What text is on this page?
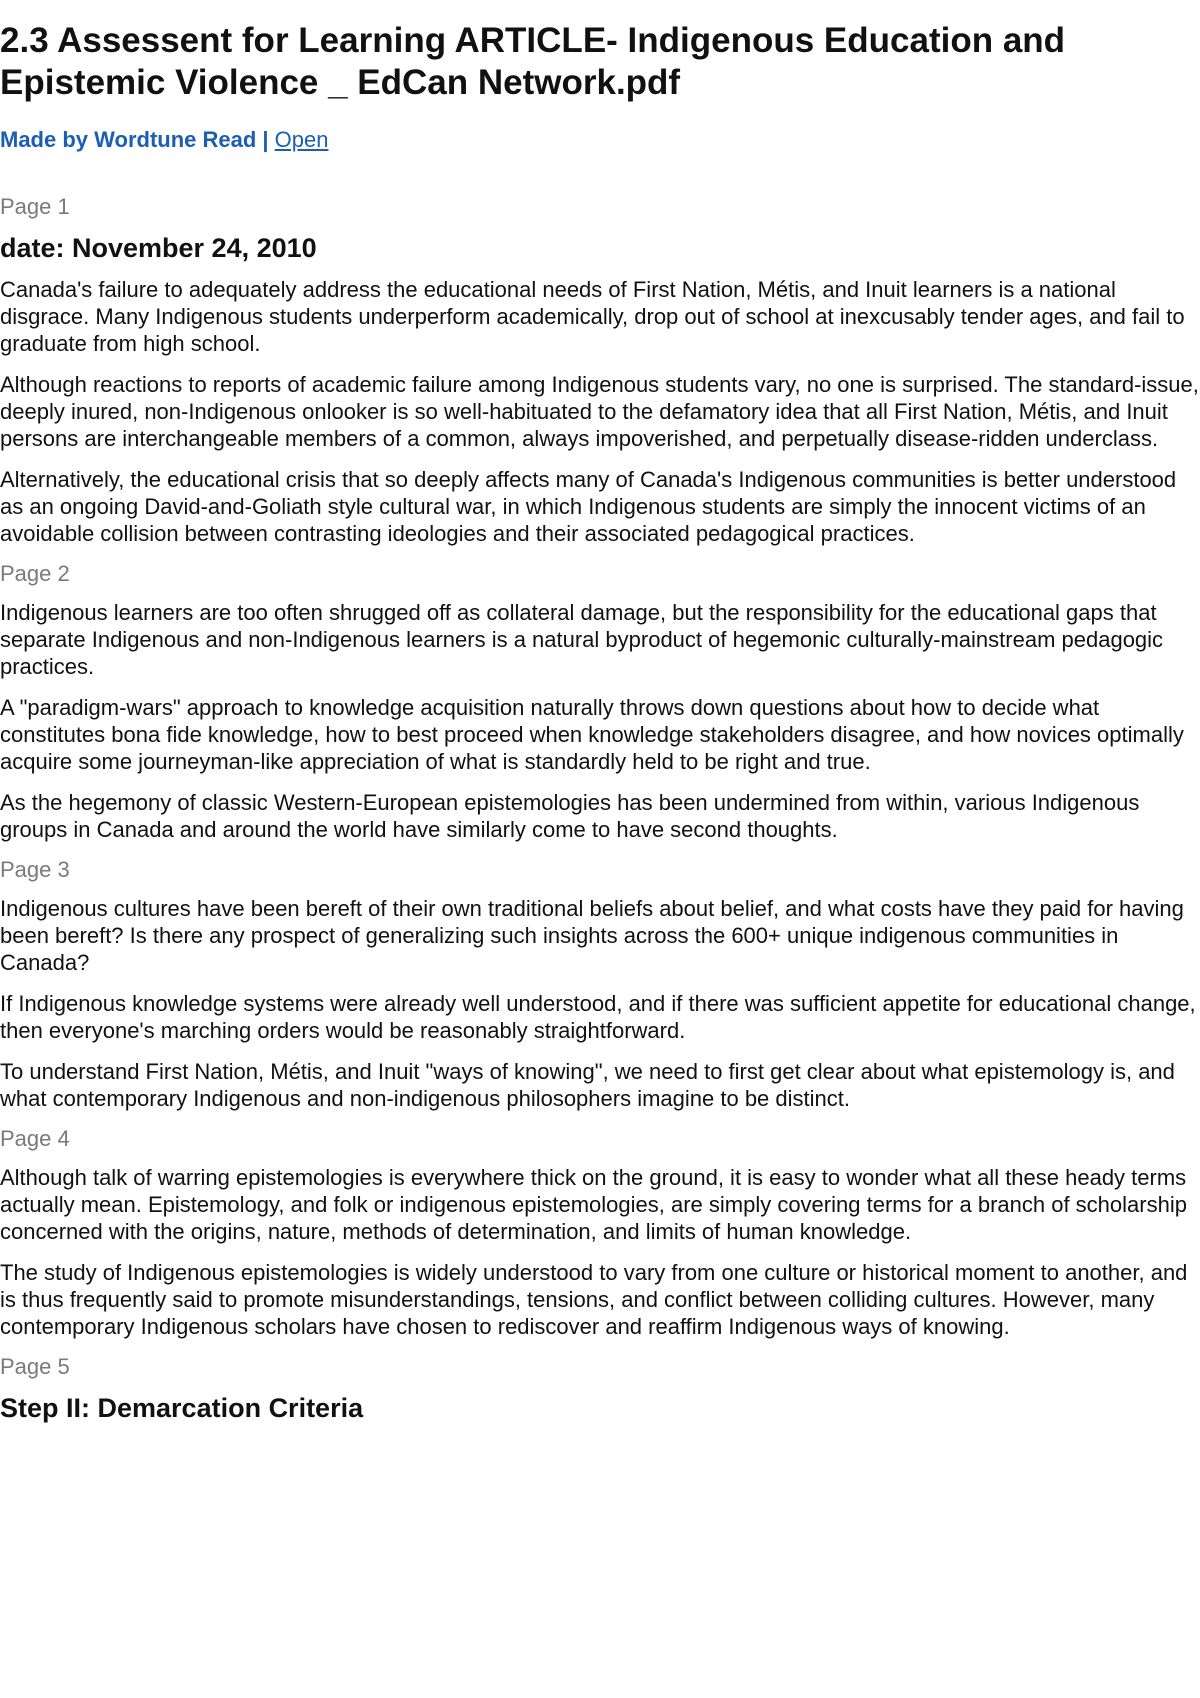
2.3 Assessent for Learning ARTICLE- Indigenous Education and Epistemic Violence _ EdCan Network.pdf
Made by Wordtune Read | Open
Page 1
date: November 24, 2010

Canada's failure to adequately address the educational needs of First Nation, Métis, and Inuit learners is a national disgrace. Many Indigenous students underperform academically, drop out of school at inexcusably tender ages, and fail to graduate from high school.

Although reactions to reports of academic failure among Indigenous students vary, no one is surprised. The standard-issue, deeply inured, non-Indigenous onlooker is so well-habituated to the defamatory idea that all First Nation, Métis, and Inuit persons are interchangeable members of a common, always impoverished, and perpetually disease-ridden underclass.

Alternatively, the educational crisis that so deeply affects many of Canada's Indigenous communities is better understood as an ongoing David-and-Goliath style cultural war, in which Indigenous students are simply the innocent victims of an avoidable collision between contrasting ideologies and their associated pedagogical practices.

Page 2

Indigenous learners are too often shrugged off as collateral damage, but the responsibility for the educational gaps that separate Indigenous and non-Indigenous learners is a natural byproduct of hegemonic culturally-mainstream pedagogic practices.

A "paradigm-wars" approach to knowledge acquisition naturally throws down questions about how to decide what constitutes bona fide knowledge, how to best proceed when knowledge stakeholders disagree, and how novices optimally acquire some journeyman-like appreciation of what is standardly held to be right and true.

As the hegemony of classic Western-European epistemologies has been undermined from within, various Indigenous groups in Canada and around the world have similarly come to have second thoughts.

Page 3

Indigenous cultures have been bereft of their own traditional beliefs about belief, and what costs have they paid for having been bereft? Is there any prospect of generalizing such insights across the 600+ unique indigenous communities in Canada?

If Indigenous knowledge systems were already well understood, and if there was sufficient appetite for educational change, then everyone's marching orders would be reasonably straightforward.

To understand First Nation, Métis, and Inuit "ways of knowing", we need to first get clear about what epistemology is, and what contemporary Indigenous and non-indigenous philosophers imagine to be distinct.

Page 4

Although talk of warring epistemologies is everywhere thick on the ground, it is easy to wonder what all these heady terms actually mean. Epistemology, and folk or indigenous epistemologies, are simply covering terms for a branch of scholarship concerned with the origins, nature, methods of determination, and limits of human knowledge.

The study of Indigenous epistemologies is widely understood to vary from one culture or historical moment to another, and is thus frequently said to promote misunderstandings, tensions, and conflict between colliding cultures. However, many contemporary Indigenous scholars have chosen to rediscover and reaffirm Indigenous ways of knowing.

Page 5
Step II: Demarcation Criteria
